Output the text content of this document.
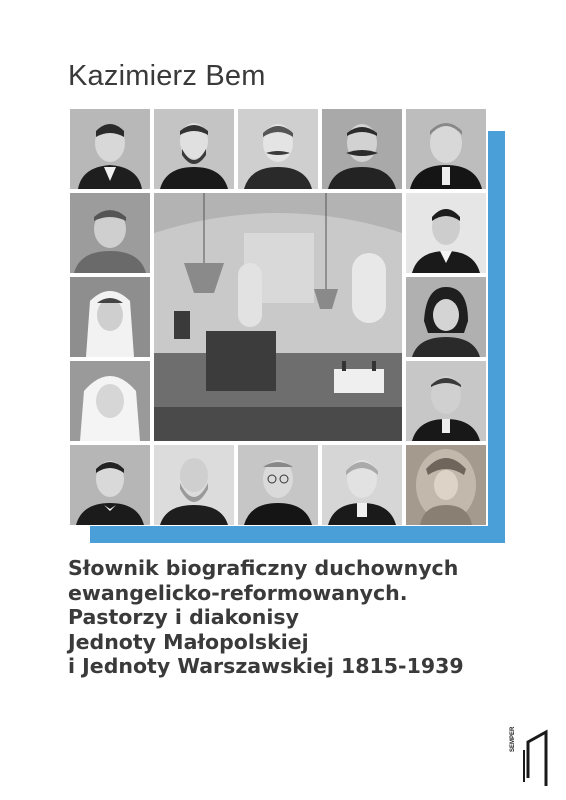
Kazimierz Bem
Słownik biograficzny duchownych
ewangelicko-reformowanych.
Pastorzy i diakonisy
Jednoty Małopolskiej
i Jednoty Warszawskiej 1815-1939
SEMPER
